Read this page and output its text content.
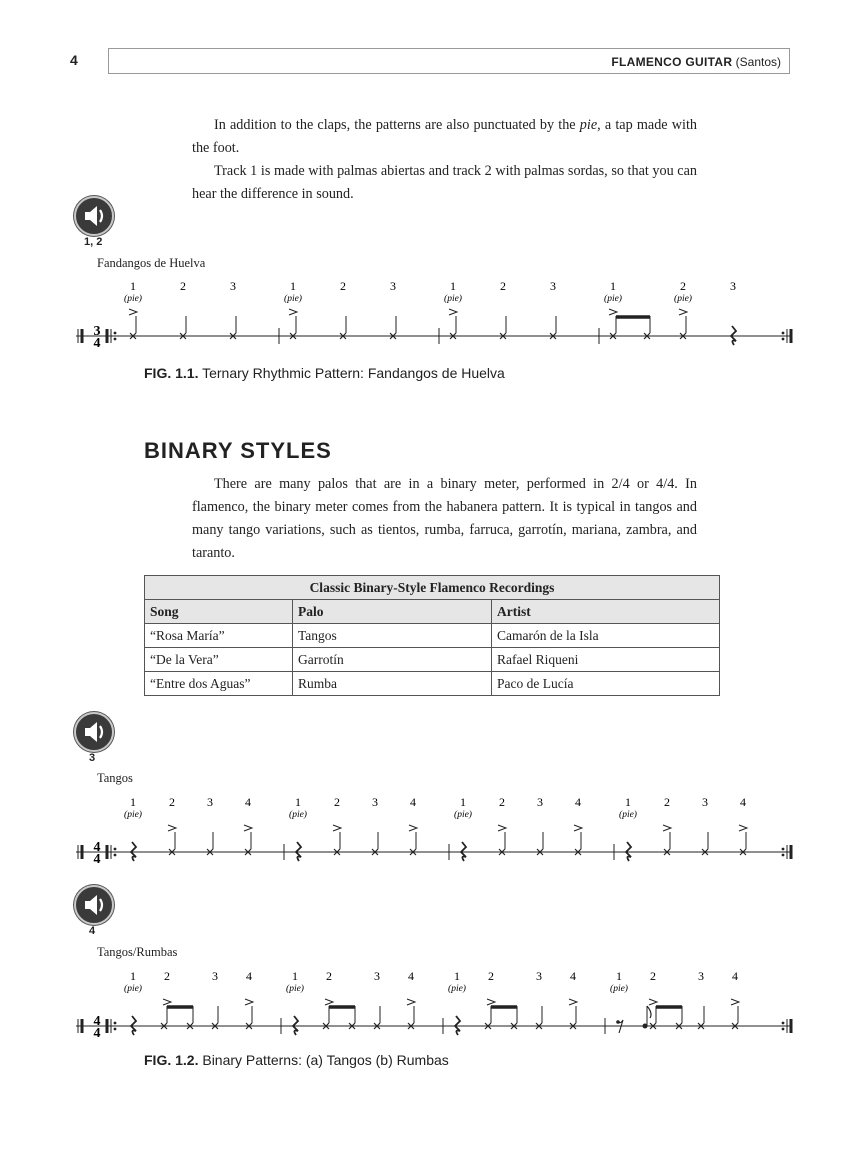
4	FLAMENCO GUITAR (Santos)

In addition to the claps, the patterns are also punctuated by the pie, a tap made with the foot.

Track 1 is made with palmas abiertas and track 2 with palmas sordas, so that you can hear the difference in sound.

1, 2
Fandangos de Huelva
3
4
1
(pie)
2	3	1
(pie)
2	3	1
(pie)
2	3	1
(pie)
2
(pie)
3
FIG. 1.1. Ternary Rhythmic Pattern: Fandangos de Huelva
BINARY STYLES

There are many palos that are in a binary meter, performed in 2/4 or 4/4. In flamenco, the binary meter comes from the habanera pattern. It is typical in tangos and many tango variations, such as tientos, rumba, farruca, garrotín, mariana, zambra, and taranto.

Classic Binary-Style Flamenco Recordings		
Song	Palo	Artist
“Rosa María”	Tangos	Camarón de la Isla
“De la Vera”	Garrotín	Rafael Riqueni
“Entre dos Aguas”	Rumba	Paco de Lucía
3
Tangos
4
4
1
(pie)
2	3	4	1
(pie)
2	3	4	1
(pie)
2	3	4	1
(pie)
2	3	4
4
Tangos/Rumbas
4
4
1
(pie)
2	3 4	1
(pie)
2	3 4	1
(pie)
2	3 4	1
(pie)
2	3 4
FIG. 1.2. Binary Patterns: (a) Tangos (b) Rumbas
